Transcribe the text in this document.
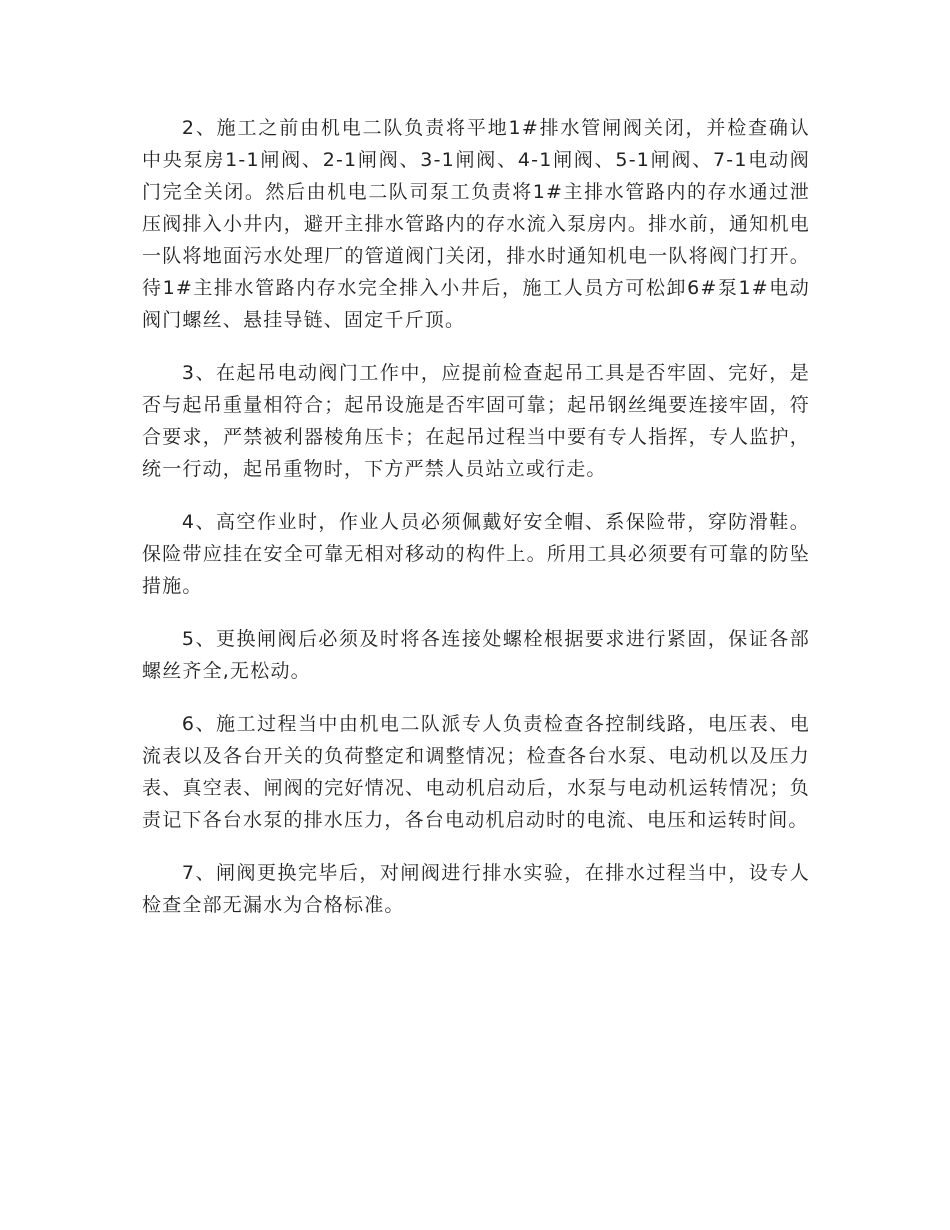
2、施工之前由机电二队负责将平地1#排水管闸阀关闭，并检查确认中央泵房1-1闸阀、2-1闸阀、3-1闸阀、4-1闸阀、5-1闸阀、7-1电动阀门完全关闭。然后由机电二队司泵工负责将1#主排水管路内的存水通过泄压阀排入小井内，避开主排水管路内的存水流入泵房内。排水前，通知机电一队将地面污水处理厂的管道阀门关闭，排水时通知机电一队将阀门打开。待1#主排水管路内存水完全排入小井后，施工人员方可松卸6#泵1#电动阀门螺丝、悬挂导链、固定千斤顶。

3、在起吊电动阀门工作中，应提前检查起吊工具是否牢固、完好，是否与起吊重量相符合；起吊设施是否牢固可靠；起吊钢丝绳要连接牢固，符合要求，严禁被利器棱角压卡；在起吊过程当中要有专人指挥，专人监护，统一行动，起吊重物时，下方严禁人员站立或行走。

4、高空作业时，作业人员必须佩戴好安全帽、系保险带，穿防滑鞋。保险带应挂在安全可靠无相对移动的构件上。所用工具必须要有可靠的防坠措施。

5、更换闸阀后必须及时将各连接处螺栓根据要求进行紧固，保证各部螺丝齐全,无松动。

6、施工过程当中由机电二队派专人负责检查各控制线路，电压表、电流表以及各台开关的负荷整定和调整情况；检查各台水泵、电动机以及压力表、真空表、闸阀的完好情况、电动机启动后，水泵与电动机运转情况；负责记下各台水泵的排水压力，各台电动机启动时的电流、电压和运转时间。

7、闸阀更换完毕后，对闸阀进行排水实验，在排水过程当中，设专人检查全部无漏水为合格标准。
